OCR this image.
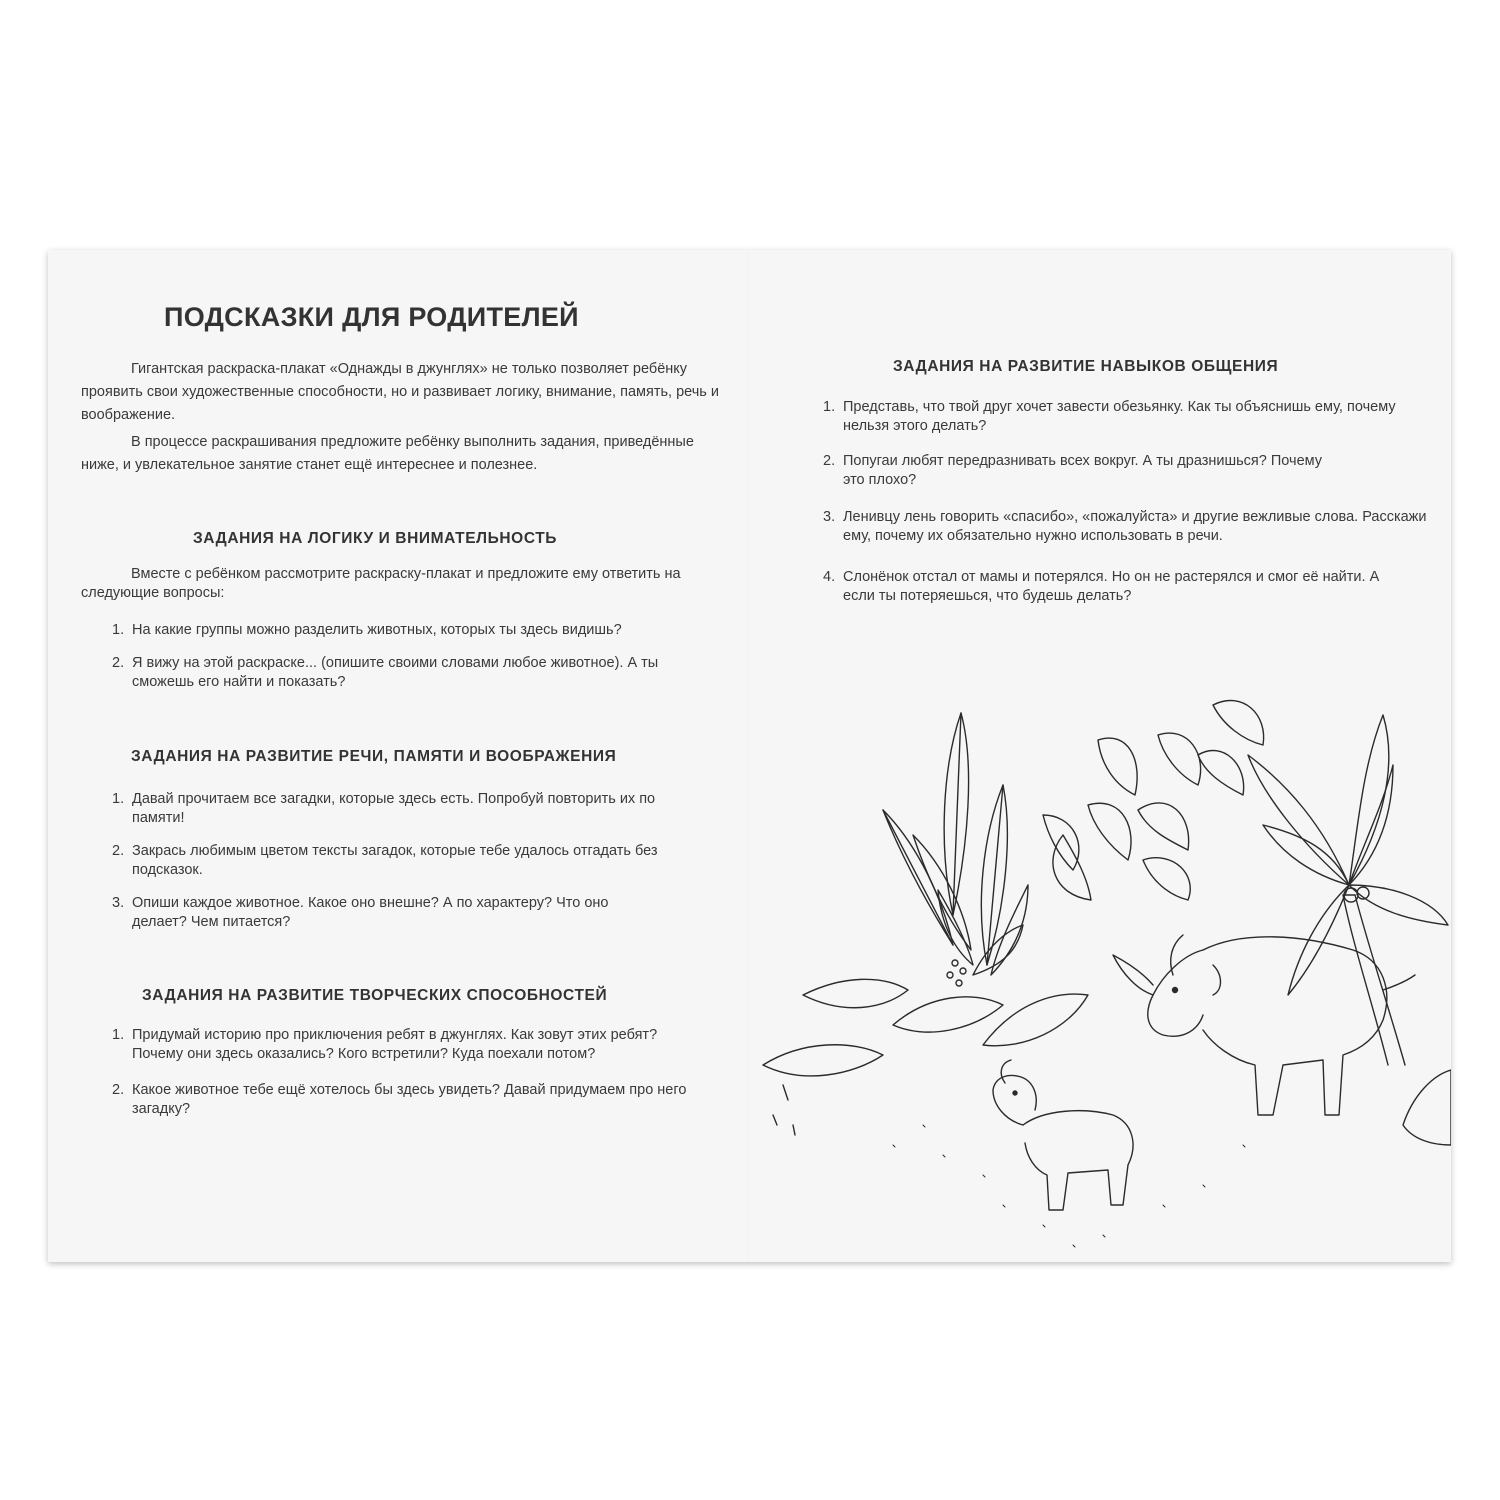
ПОДСКАЗКИ ДЛЯ РОДИТЕЛЕЙ

Гигантская раскраска-плакат «Однажды в джунглях» не только позволяет ребёнку проявить свои художественные способности, но и развивает логику, внимание, память, речь и воображение.

В процессе раскрашивания предложите ребёнку выполнить задания, приведённые ниже, и увлекательное занятие станет ещё интереснее и полезнее.

ЗАДАНИЯ НА ЛОГИКУ И ВНИМАТЕЛЬНОСТЬ

Вместе с ребёнком рассмотрите раскраску-плакат и предложите ему ответить на следующие вопросы:

1. На какие группы можно разделить животных, которых ты здесь видишь?
2. Я вижу на этой раскраске... (опишите своими словами любое животное). А ты сможешь его найти и показать?
ЗАДАНИЯ НА РАЗВИТИЕ РЕЧИ, ПАМЯТИ И ВООБРАЖЕНИЯ
1. Давай прочитаем все загадки, которые здесь есть. Попробуй повторить их по памяти!
2. Закрась любимым цветом тексты загадок, которые тебе удалось отгадать без подсказок.
3. Опиши каждое животное. Какое оно внешне? А по характеру? Что оно делает? Чем питается?
ЗАДАНИЯ НА РАЗВИТИЕ ТВОРЧЕСКИХ СПОСОБНОСТЕЙ
1. Придумай историю про приключения ребят в джунглях. Как зовут этих ребят? Почему они здесь оказались? Кого встретили? Куда поехали потом?
2. Какое животное тебе ещё хотелось бы здесь увидеть? Давай придумаем про него загадку?
ЗАДАНИЯ НА РАЗВИТИЕ НАВЫКОВ ОБЩЕНИЯ
1. Представь, что твой друг хочет завести обезьянку. Как ты объяснишь ему, почему нельзя этого делать?
2. Попугаи любят передразнивать всех вокруг. А ты дразнишься? Почему это плохо?
3. Ленивцу лень говорить «спасибо», «пожалуйста» и другие вежливые слова. Расскажи ему, почему их обязательно нужно использовать в речи.
4. Слонёнок отстал от мамы и потерялся. Но он не растерялся и смог её найти. А если ты потеряешься, что будешь делать?
